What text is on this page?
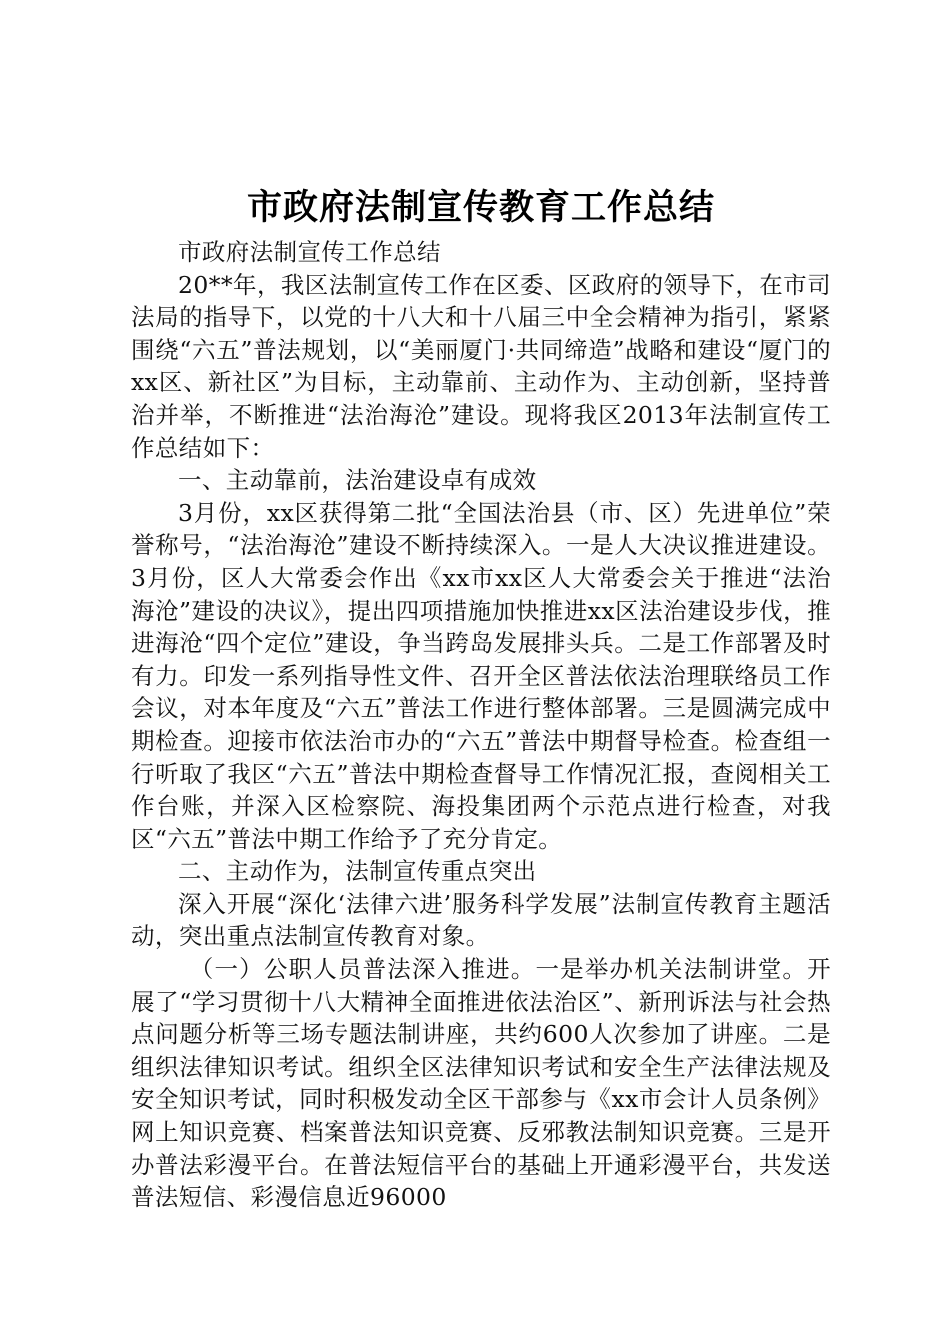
市政府法制宣传教育工作总结

市政府法制宣传工作总结

20**年，我区法制宣传工作在区委、区政府的领导下，在市司法局的指导下，以党的十八大和十八届三中全会精神为指引，紧紧围绕“六五”普法规划，以“美丽厦门·共同缔造”战略和建设“厦门的xx区、新社区”为目标，主动靠前、主动作为、主动创新，坚持普治并举，不断推进“法治海沧”建设。现将我区2013年法制宣传工作总结如下：

一、主动靠前，法治建设卓有成效

3月份，xx区获得第二批“全国法治县（市、区）先进单位”荣誉称号，“法治海沧”建设不断持续深入。一是人大决议推进建设。3月份，区人大常委会作出《xx市xx区人大常委会关于推进“法治海沧”建设的决议》，提出四项措施加快推进xx区法治建设步伐，推进海沧“四个定位”建设，争当跨岛发展排头兵。二是工作部署及时有力。印发一系列指导性文件、召开全区普法依法治理联络员工作会议，对本年度及“六五”普法工作进行整体部署。三是圆满完成中期检查。迎接市依法治市办的“六五”普法中期督导检查。检查组一行听取了我区“六五”普法中期检查督导工作情况汇报，查阅相关工作台账，并深入区检察院、海投集团两个示范点进行检查，对我区“六五”普法中期工作给予了充分肯定。

二、主动作为，法制宣传重点突出

深入开展“深化‘法律六进’服务科学发展”法制宣传教育主题活动，突出重点法制宣传教育对象。

（一）公职人员普法深入推进。一是举办机关法制讲堂。开展了“学习贯彻十八大精神全面推进依法治区”、新刑诉法与社会热点问题分析等三场专题法制讲座，共约600人次参加了讲座。二是组织法律知识考试。组织全区法律知识考试和安全生产法律法规及安全知识考试，同时积极发动全区干部参与《xx市会计人员条例》网上知识竞赛、档案普法知识竞赛、反邪教法制知识竞赛。三是开办普法彩漫平台。在普法短信平台的基础上开通彩漫平台，共发送普法短信、彩漫信息近96000
